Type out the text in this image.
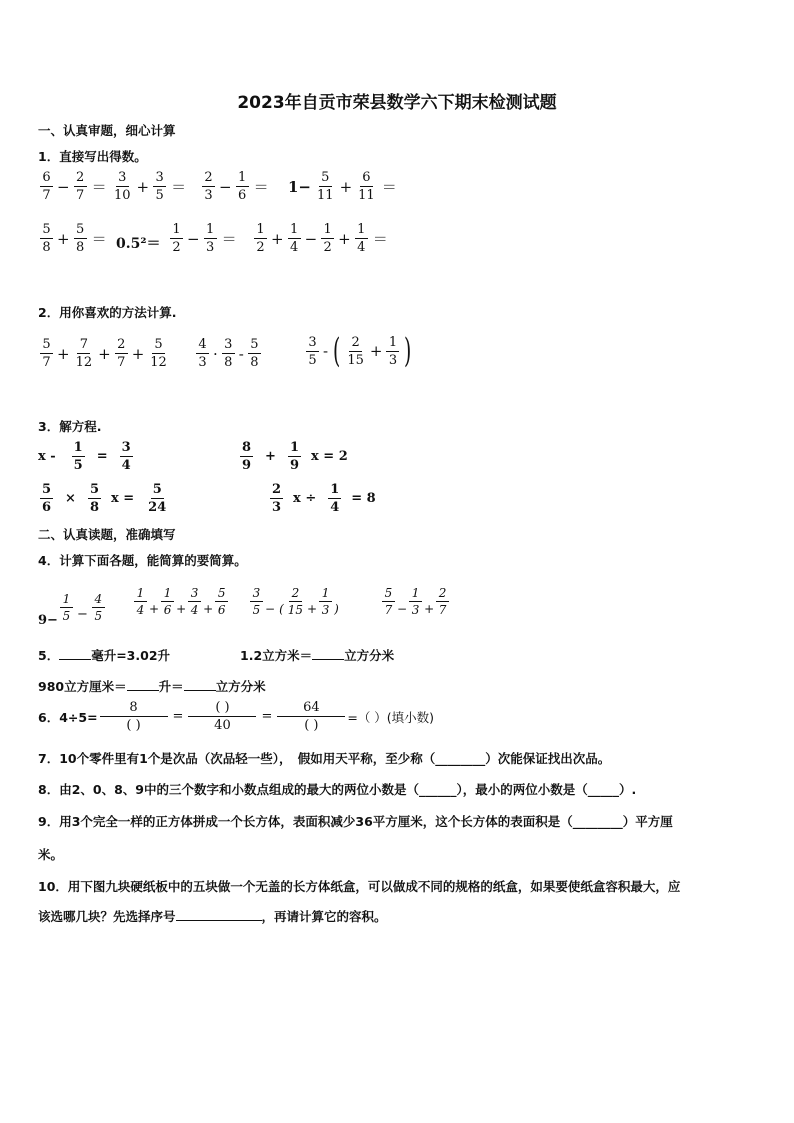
2023年自贡市荣县数学六下期末检测试题
一、认真审题，细心计算
1．直接写出得数。
$\frac{6}{7} - \frac{2}{7} = \frac{3}{10} + \frac{3}{5} = \frac{2}{3} - \frac{1}{6} = 1- \frac{5}{11} + \frac{6}{11}$ ＝
$\frac{5}{8} + \frac{5}{8} = 0.5^2= \frac{1}{2} - \frac{1}{3} = \frac{1}{2} + \frac{1}{4} - \frac{1}{2} + \frac{1}{4}$ ＝
2．用你喜欢的方法计算.
$\frac{5}{7} + \frac{7}{12} + \frac{2}{7} + \frac{5}{12} \frac{4}{3} \cdot \frac{3}{8} - \frac{5}{8}$	$\frac{3}{5}$ - ( $\frac{2}{15} + \frac{1}{3}$ )
3．解方程.
$x - \frac{1}{5} = \frac{3}{4}$	$\frac{8}{9} + \frac{1}{9}$ x = 2
$\frac{5}{6} \times \frac{5}{8}$ $x = \frac{5}{24}$	$\frac{2}{3}$ $x \div \frac{1}{4} = 8$
二、认真读题，准确填写
4．计算下面各题，能简算的要简算。
$9- \frac{1}{5} - \frac{4}{5} \frac{1}{4} + \frac{1}{6} + \frac{3}{4} + \frac{5}{6} \frac{3}{5}$ − ( $\frac{2}{15} + \frac{1}{3}$ )	$\frac{5}{7} - \frac{1}{3} + \frac{2}{7}$
5．	毫升=3.02升	1.2立方米＝	立方分米
980立方厘米＝	升＝	立方分米
6．$4\div 5= \frac{8}{( )} = \frac{( )}{40} = \frac{64}{( )}$ =（ ）(填小数)
7．10个零件里有1个是次品（次品轻一些），　假如用天平称，至少称（________）次能保证找出次品。
8．由2、0、8、9中的三个数字和小数点组成的最大的两位小数是（______），最小的两位小数是（_____）.
9．用3个完全一样的正方体拼成一个长方体，表面积减少36平方厘米，这个长方体的表面积是（________）平方厘
米。
10．用下图九块硬纸板中的五块做一个无盖的长方体纸盒，可以做成不同的规格的纸盒，如果要使纸盒容积最大，应
该选哪几块？先选择序号	，再请计算它的容积。
